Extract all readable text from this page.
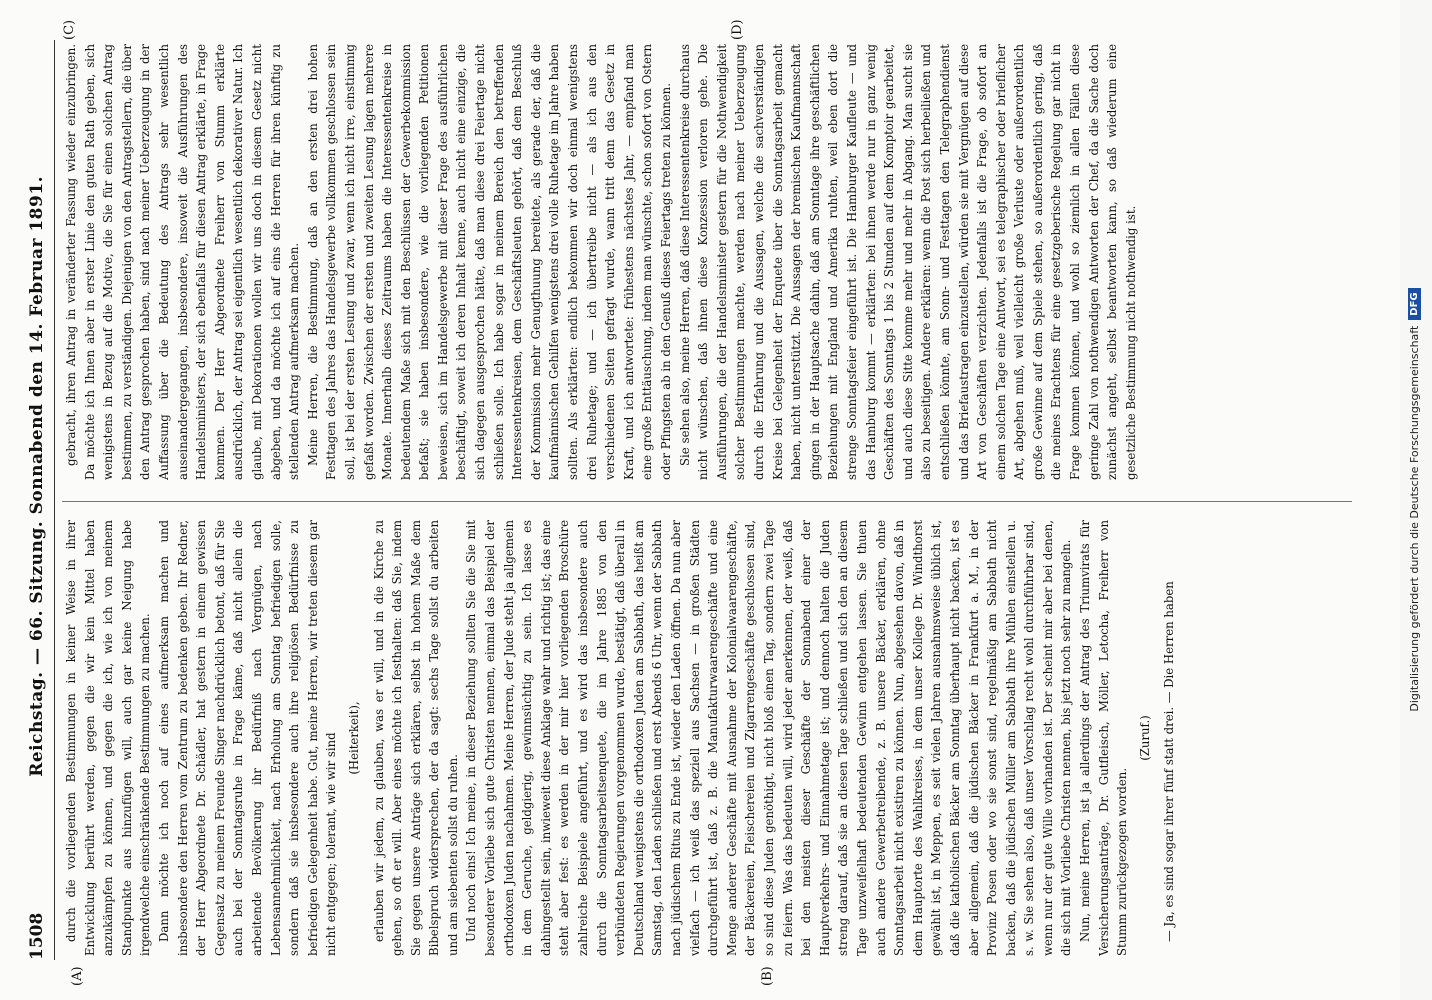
1508
Reichstag. — 66. Sitzung. Sonnabend den 14. Februar 1891.
(A)	(B)
(C)	(D)

durch die vorliegenden Bestimmungen in keiner Weise in ihrer Entwicklung berührt werden, gegen die wir kein Mittel haben anzukämpfen zu können, und gegen die ich, wie ich von meinem Standpunkte aus hinzufügen will, auch gar keine Neigung habe irgendwelche einschränkende Bestimmungen zu machen. Dann möchte ich noch auf eines aufmerksam machen und insbesondere den Herren vom Zentrum zu bedenken geben. Ihr Redner, der Herr Abgeordnete Dr. Schädler, hat gestern in einem gewissen Gegensatz zu meinem Freunde Singer nachdrücklich betont, daß für Sie auch bei der Sonntagsruhe in Frage käme, daß nicht allein die arbeitende Bevölkerung ihr Bedürfniß nach Vergnügen, nach Lebensannehmlichkeit, nach Erholung am Sonntag befriedigen solle, sondern daß sie insbesondere auch ihre religiösen Bedürfnisse zu befriedigen Gelegenheit habe. Gut, meine Herren, wir treten diesem gar nicht entgegen; tolerant, wie wir sind (Heiterkeit), erlauben wir jedem, zu glauben, was er will, und in die Kirche zu gehen, so oft er will. Aber eines möchte ich festhalten: daß Sie, indem Sie gegen unsere Anträge sich erklären, selbst in hohem Maße dem Bibelspruch widersprechen, der da sagt: sechs Tage sollst du arbeiten und am siebenten sollst du ruhen. Und noch eins! Ich meine, in dieser Beziehung sollten Sie die Sie mit besonderer Vorliebe sich gute Christen nennen, einmal das Beispiel der orthodoxen Juden nachahmen. Meine Herren, der Jude steht ja allgemein in dem Geruche, geldgierig, gewinnsüchtig zu sein. Ich lasse es dahingestellt sein, inwieweit diese Anklage wahr und richtig ist; das eine steht aber fest: es werden in der mir hier vorliegenden Broschüre zahlreiche Beispiele angeführt, und es wird das insbesondere auch durch die Sonntagsarbeitsenquete, die im Jahre 1885 von den verbündeten Regierungen vorgenommen wurde, bestätigt, daß überall in Deutschland wenigstens die orthodoxen Juden am Sabbath, das heißt am Samstag, den Laden schließen und erst Abends 6 Uhr, wenn der Sabbath nach jüdischem Ritus zu Ende ist, wieder den Laden öffnen. Da nun aber vielfach — ich weiß das speziell aus Sachsen — in großen Städten durchgeführt ist, daß z. B. die Manufakturwaarengeschäfte und eine Menge anderer Geschäfte mit Ausnahme der Kolonialwaarengeschäfte, der Bäckereien, Fleischereien und Zigarrengeschäfte geschlossen sind, so sind diese Juden genöthigt, nicht bloß einen Tag, sondern zwei Tage zu feiern. Was das bedeuten will, wird jeder anerkennen, der weiß, daß bei den meisten dieser Geschäfte der Sonnabend einer der Hauptverkehrs- und Einnahmetage ist; und dennoch halten die Juden streng darauf, daß sie an diesen Tage schließen und sich den an diesem Tage unzweifelhaft bedeutenden Gewinn entgehen lassen. Sie thuen auch andere Gewerbetreibende, z. B. unsere Bäcker, erklären, ohne Sonntagsarbeit nicht existiren zu können. Nun, abgesehen davon, daß in dem Hauptorte des Wahlkreises, in dem unser Kollege Dr. Windthorst gewählt ist, in Meppen, es seit vielen Jahren ausnahmsweise üblich ist, daß die katholischen Bäcker am Sonntag überhaupt nicht backen, ist es aber allgemein, daß die jüdischen Bäcker in Frankfurt a. M., in der Provinz Posen oder wo sie sonst sind, regelmäßig am Sabbath nicht backen, daß die jüdischen Müller am Sabbath ihre Mühlen einstellen u. s. w. Sie sehen also, daß unser Vorschlag recht wohl durchführbar sind, wenn nur der gute Wille vorhanden ist. Der scheint mir aber bei denen, die sich mit Vorliebe Christen nennen, bis jetzt noch sehr zu mangeln. Nun, meine Herren, ist ja allerdings der Antrag des Triumvirats für Versicherungsanträge, Dr. Gutfleisch, Möller, Letocha, Freiherr von Stumm zurückgezogen worden.

(Zuruf.) — Ja, es sind sogar ihrer fünf statt drei. — Die Herren haben

gebracht, ihren Antrag in veränderter Fassung wieder einzubringen. Da möchte ich Ihnen aber in erster Linie den guten Rath geben, sich wenigstens in Bezug auf die Motive, die Sie für einen solchen Antrag bestimmen, zu verständigen. Diejenigen von den Antragstellern, die über den Antrag gesprochen haben, sind nach meiner Ueberzeugung in der Auffassung über die Bedeutung des Antrags sehr wesentlich auseinandergegangen, insbesondere, insoweit die Ausführungen des Handelsministers, der sich ebenfalls für diesen Antrag erklärte, in Frage kommen. Der Herr Abgeordnete Freiherr von Stumm erklärte ausdrücklich, der Antrag sei eigentlich wesentlich dekorativer Natur. Ich glaube, mit Dekorationen wollen wir uns doch in diesem Gesetz nicht abgeben, und da möchte ich auf eins die Herren für ihren künftig zu stellenden Antrag aufmerksam machen. Meine Herren, die Bestimmung, daß an den ersten drei hohen Festtagen des Jahres das Handelsgewerbe vollkommen geschlossen sein soll, ist bei der ersten Lesung und zwar, wenn ich nicht irre, einstimmig gefaßt worden. Zwischen der ersten und zweiten Lesung lagen mehrere Monate. Innerhalb dieses Zeitraums haben die Interessentenkreise in bedeutendem Maße sich mit den Beschlüssen der Gewerbekommission befaßt; sie haben insbesondere, wie die vorliegenden Petitionen beweisen, sich im Handelsgewerbe mit dieser Frage des ausführlichen beschäftigt, soweit ich deren Inhalt kenne, auch nicht eine einzige, die sich dagegen ausgesprochen hätte, daß man diese drei Feiertage nicht schließen solle. Ich habe sogar in meinem Bereich den betreffenden Interessentenkreisen, dem Geschäftsleuten gehört, daß dem Beschluß der Kommission mehr Genugthuung bereitete, als gerade der, daß die kaufmännischen Gehilfen wenigstens drei volle Ruhetage im Jahre haben sollten. Als erklärten: endlich bekommen wir doch einmal wenigstens drei Ruhetage; und — ich übertreibe nicht — als ich aus den verschiedenen Seiten gefragt wurde, wann tritt denn das Gesetz in Kraft, und ich antwortete: frühestens nächstes Jahr, — empfand man eine große Enttäuschung, indem man wünschte, schon sofort von Ostern oder Pfingsten ab in den Genuß dieses Feiertags treten zu können. Sie sehen also, meine Herren, daß diese Interessentenkreise durchaus nicht wünschen, daß ihnen diese Konzession verloren gehe. Die Ausführungen, die der Handelsminister gestern für die Nothwendigkeit solcher Bestimmungen machte, werden nach meiner Ueberzeugung durch die Erfahrung und die Aussagen, welche die sachverständigen Kreise bei Gelegenheit der Enquete über die Sonntagsarbeit gemacht haben, nicht unterstützt. Die Aussagen der bremischen Kaufmannschaft gingen in der Hauptsache dahin, daß am Sonntage ihre geschäftlichen Beziehungen mit England und Amerika ruhten, weil eben dort die strenge Sonntagsfeier eingeführt ist. Die Hamburger Kaufleute — und das Hamburg kommt — erklärten: bei ihnen werde nur in ganz wenig Geschäften des Sonntags 1 bis 2 Stunden auf dem Komptoir gearbeitet, und auch diese Sitte komme mehr und mehr in Abgang. Man sucht sie also zu beseitigen. Andere erklären: wenn die Post sich herbeiließen und entschließen könnte, am Sonn- und Festtagen den Telegraphendienst und das Briefaustragen einzustellen, würden sie mit Vergnügen auf diese Art von Geschäften verzichten. Jedenfalls ist die Frage, ob sofort an einem solchen Tage eine Antwort, sei es telegraphischer oder brieflicher Art, abgehen muß, weil vielleicht große Verluste oder außerordentlich große Gewinne auf dem Spiele stehen, so außerordentlich gering, daß die meines Erachtens für eine gesetzgeberische Regelung gar nicht in Frage kommen können, und wohl so ziemlich in allen Fällen diese geringe Zahl von nothwendigen Antworten der Chef, da die Sache doch zunächst angeht, selbst beantworten kann, so daß wiederum eine gesetzliche Bestimmung nicht nothwendig ist.	Digitalisierung gefördert durch die Deutsche Forschungsgemeinschaft
DFG
